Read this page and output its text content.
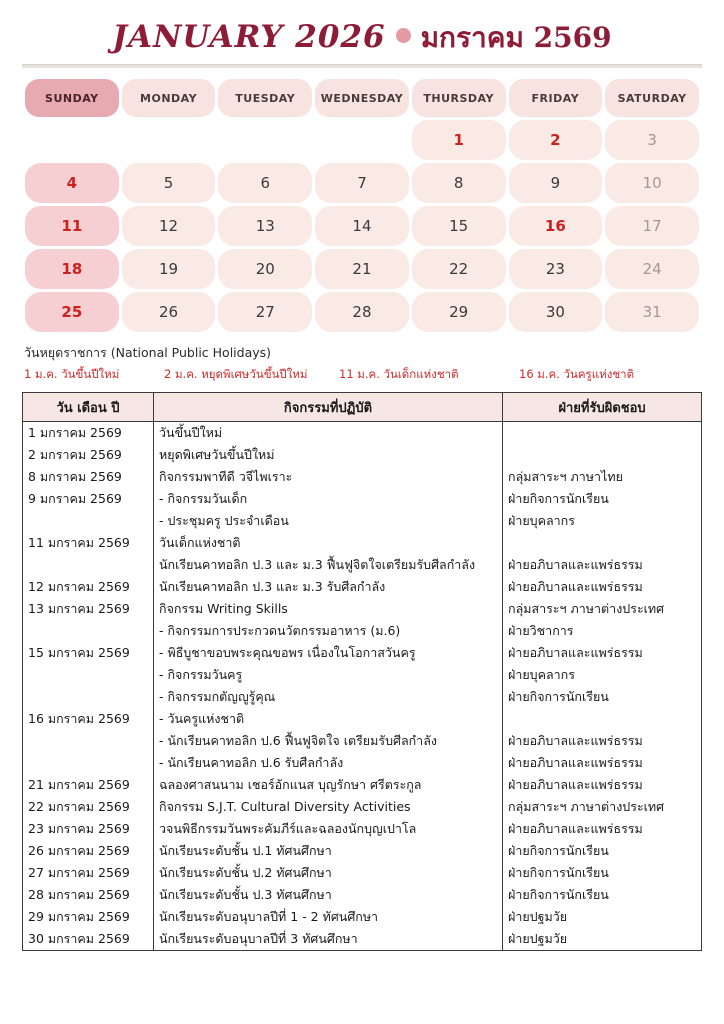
JANUARY 2026 มกราคม 2569
SUNDAY	MONDAY	TUESDAY	WEDNESDAY	THURSDAY	FRIDAY	SATURDAY
				1	2	3
4	5	6	7	8	9	10
11	12	13	14	15	16	17
18	19	20	21	22	23	24
25	26	27	28	29	30	31
วันหยุดราชการ (National Public Holidays)
1 ม.ค. วันขึ้นปีใหม่	2 ม.ค. หยุดพิเศษวันขึ้นปีใหม่	11 ม.ค. วันเด็กแห่งชาติ	16 ม.ค. วันครูแห่งชาติ
วัน เดือน ปี	กิจกรรมที่ปฏิบัติ	ฝ่ายที่รับผิดชอบ
1 มกราคม 2569	วันขึ้นปีใหม่	
2 มกราคม 2569	หยุดพิเศษวันขึ้นปีใหม่	
8 มกราคม 2569	กิจกรรมพาทีดี วจีไพเราะ	กลุ่มสาระฯ ภาษาไทย
9 มกราคม 2569	- กิจกรรมวันเด็ก	ฝ่ายกิจการนักเรียน
	- ประชุมครู ประจำเดือน	ฝ่ายบุคลากร
11 มกราคม 2569	วันเด็กแห่งชาติ	
	นักเรียนคาทอลิก ป.3 และ ม.3 ฟื้นฟูจิตใจเตรียมรับศีลกำลัง	ฝ่ายอภิบาลและแพร่ธรรม
12 มกราคม 2569	นักเรียนคาทอลิก ป.3 และ ม.3 รับศีลกำลัง	ฝ่ายอภิบาลและแพร่ธรรม
13 มกราคม 2569	กิจกรรม Writing Skills	กลุ่มสาระฯ ภาษาต่างประเทศ
	- กิจกรรมการประกวดนวัตกรรมอาหาร (ม.6)	ฝ่ายวิชาการ
15 มกราคม 2569	- พิธีบูชาขอบพระคุณขอพร เนื่องในโอกาสวันครู	ฝ่ายอภิบาลและแพร่ธรรม
	- กิจกรรมวันครู	ฝ่ายบุคลากร
	- กิจกรรมกตัญญูรู้คุณ	ฝ่ายกิจการนักเรียน
16 มกราคม 2569	- วันครูแห่งชาติ	
	- นักเรียนคาทอลิก ป.6 ฟื้นฟูจิตใจ เตรียมรับศีลกำลัง	ฝ่ายอภิบาลและแพร่ธรรม
	- นักเรียนคาทอลิก ป.6 รับศีลกำลัง	ฝ่ายอภิบาลและแพร่ธรรม
21 มกราคม 2569	ฉลองศาสนนาม เชอร์อักแนส บุญรักษา ศรีตระกูล	ฝ่ายอภิบาลและแพร่ธรรม
22 มกราคม 2569	กิจกรรม S.J.T. Cultural Diversity Activities	กลุ่มสาระฯ ภาษาต่างประเทศ
23 มกราคม 2569	วจนพิธีกรรมวันพระคัมภีร์และฉลองนักบุญเปาโล	ฝ่ายอภิบาลและแพร่ธรรม
26 มกราคม 2569	นักเรียนระดับชั้น ป.1 ทัศนศึกษา	ฝ่ายกิจการนักเรียน
27 มกราคม 2569	นักเรียนระดับชั้น ป.2 ทัศนศึกษา	ฝ่ายกิจการนักเรียน
28 มกราคม 2569	นักเรียนระดับชั้น ป.3 ทัศนศึกษา	ฝ่ายกิจการนักเรียน
29 มกราคม 2569	นักเรียนระดับอนุบาลปีที่ 1 - 2 ทัศนศึกษา	ฝ่ายปฐมวัย
30 มกราคม 2569	นักเรียนระดับอนุบาลปีที่ 3 ทัศนศึกษา	ฝ่ายปฐมวัย
